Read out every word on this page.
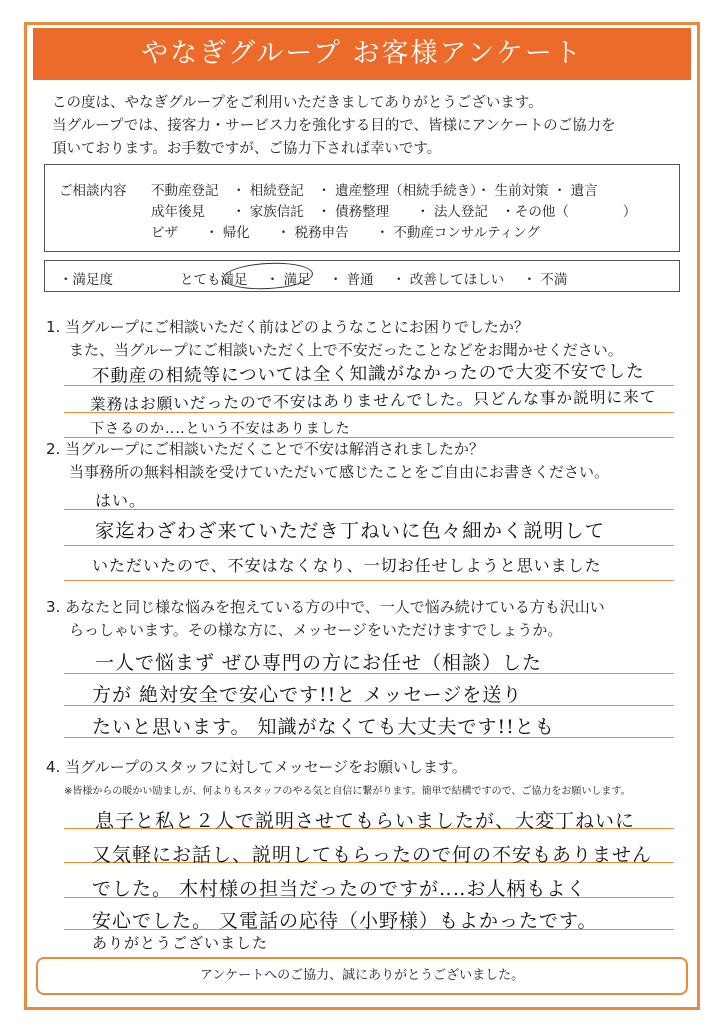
やなぎグループ お客様アンケート
この度は、やなぎグループをご利用いただきましてありがとうございます。
当グループでは、接客力・サービス力を強化する目的で、皆様にアンケートのご協力を
頂いております。お手数ですが、ご協力下されば幸いです。
ご相談内容 不動産登記　・ 相続登記　・ 遺産整理（相続手続き）・ 生前対策 ・ 遺言
成年後見　　・ 家族信託　・ 債務整理　　・ 法人登記　・その他（　　　　）
ビザ　　・ 帰化　　・ 税務申告　　・ 不動産コンサルティング
・満足度	とても満足 ・ 満足 ・ 普通 ・ 改善してほしい ・ 不満
1. 当グループにご相談いただく前はどのようなことにお困りでしたか？
また、当グループにご相談いただく上で不安だったことなどをお聞かせください。
不動産の相続等については全く知識がなかったので大変不安でした
業務はお願いだったので不安はありませんでした。只どんな事か説明に来て
下さるのか‥‥という不安はありました
2. 当グループにご相談いただくことで不安は解消されましたか？
当事務所の無料相談を受けていただいて感じたことをご自由にお書きください。
はい。
家迄わざわざ来ていただき丁ねいに色々細かく説明して
いただいたので、不安はなくなり、一切お任せしようと思いました
3. あなたと同じ様な悩みを抱えている方の中で、一人で悩み続けている方も沢山い
らっしゃいます。その様な方に、メッセージをいただけますでしょうか。
一人で悩まず ぜひ専門の方にお任せ（相談）した
方が 絶対安全で安心です!!と メッセージを送り
たいと思います。 知識がなくても大丈夫です!!とも
4. 当グループのスタッフに対してメッセージをお願いします。
※皆様からの暖かい励ましが、何よりもスタッフのやる気と自信に繋がります。簡単で結構ですので、ご協力をお願いします。
息子と私と２人で説明させてもらいましたが、大変丁ねいに
又気軽にお話し、説明してもらったので何の不安もありません
でした。 木村様の担当だったのですが‥‥お人柄もよく
安心でした。 又電話の応待（小野様）もよかったです。
ありがとうございました
アンケートへのご協力、誠にありがとうございました。
